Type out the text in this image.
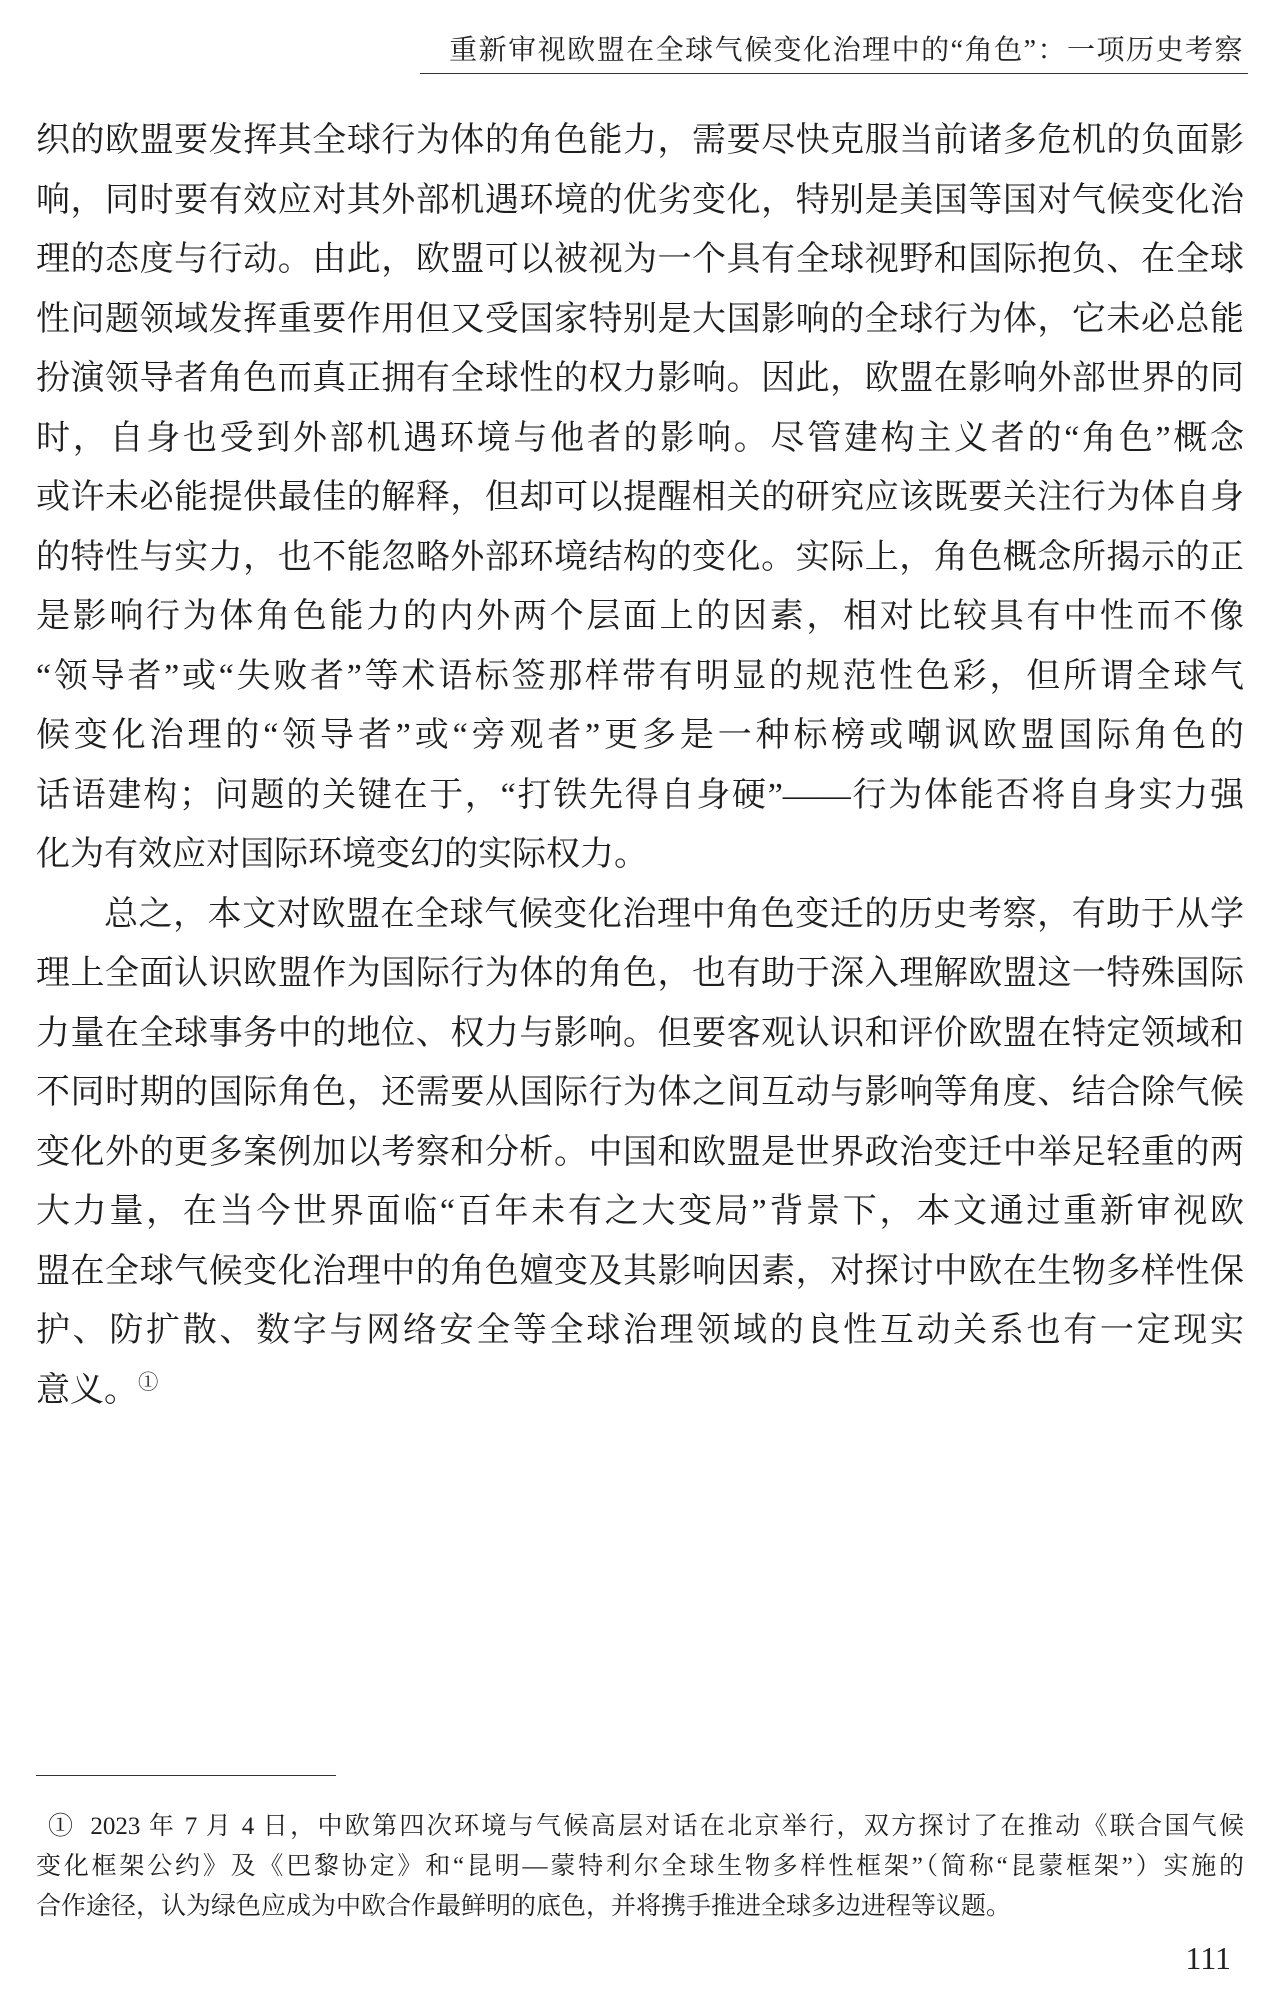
重新审视欧盟在全球气候变化治理中的“角色”：一项历史考察
织的欧盟要发挥其全球行为体的角色能力，需要尽快克服当前诸多危机的负面影
响，同时要有效应对其外部机遇环境的优劣变化，特别是美国等国对气候变化治
理的态度与行动。由此，欧盟可以被视为一个具有全球视野和国际抱负、在全球
性问题领域发挥重要作用但又受国家特别是大国影响的全球行为体，它未必总能
扮演领导者角色而真正拥有全球性的权力影响。因此，欧盟在影响外部世界的同
时，自身也受到外部机遇环境与他者的影响。尽管建构主义者的“角色”概念
或许未必能提供最佳的解释，但却可以提醒相关的研究应该既要关注行为体自身
的特性与实力，也不能忽略外部环境结构的变化。实际上，角色概念所揭示的正
是影响行为体角色能力的内外两个层面上的因素，相对比较具有中性而不像
“领导者”或“失败者”等术语标签那样带有明显的规范性色彩，但所谓全球气
候变化治理的“领导者”或“旁观者”更多是一种标榜或嘲讽欧盟国际角色的
话语建构；问题的关键在于，“打铁先得自身硬”——行为体能否将自身实力强
化为有效应对国际环境变幻的实际权力。
总之，本文对欧盟在全球气候变化治理中角色变迁的历史考察，有助于从学
理上全面认识欧盟作为国际行为体的角色，也有助于深入理解欧盟这一特殊国际
力量在全球事务中的地位、权力与影响。但要客观认识和评价欧盟在特定领域和
不同时期的国际角色，还需要从国际行为体之间互动与影响等角度、结合除气候
变化外的更多案例加以考察和分析。中国和欧盟是世界政治变迁中举足轻重的两
大力量，在当今世界面临“百年未有之大变局”背景下，本文通过重新审视欧
盟在全球气候变化治理中的角色嬗变及其影响因素，对探讨中欧在生物多样性保
护、防扩散、数字与网络安全等全球治理领域的良性互动关系也有一定现实
意义。①
① 2023 年 7 月 4 日，中欧第四次环境与气候高层对话在北京举行，双方探讨了在推动《联合国气候
变化框架公约》及《巴黎协定》和“昆明—蒙特利尔全球生物多样性框架”（简称“昆蒙框架”）实施的
合作途径，认为绿色应成为中欧合作最鲜明的底色，并将携手推进全球多边进程等议题。
111
